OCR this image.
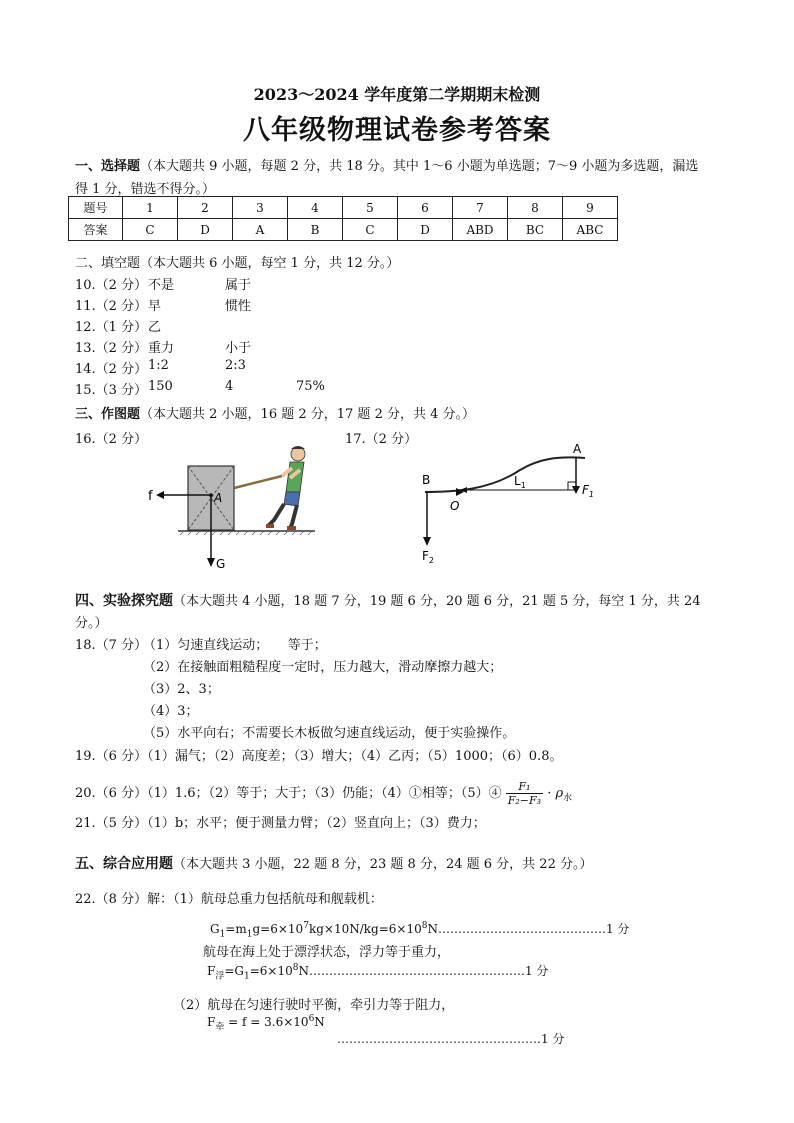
2023～2024 学年度第二学期期末检测
八年级物理试卷参考答案
一、选择题（本大题共 9 小题，每题 2 分，共 18 分。其中 1～6 小题为单选题；7～9 小题为多选题，漏选
得 1 分，错选不得分。）
题号	1	2	3	4	5	6	7	8	9
答案	C	D	A	B	C	D	ABD	BC	ABC
二、填空题（本大题共 6 小题，每空 1 分，共 12 分。）
10.（2 分） 不是	属于
11.（2 分） 早	惯性
12.（1 分） 乙
13.（2 分） 重力	小于
14.（2 分） 1:2	2:3
15.（3 分） 150	4	75%
三、作图题（本大题共 2 小题，16 题 2 分，17 题 2 分，共 4 分。）
16.（2 分）	17.（2 分）
f	A
G
B
O
A
$L_1$	$F_1$
$F_2$
四、实验探究题（本大题共 4 小题，18 题 7 分，19 题 6 分，20 题 6 分，21 题 5 分，每空 1 分，共 24
分。）
18.（7 分）
（1）匀速直线运动；　　等于；
（2）在接触面粗糙程度一定时，压力越大，滑动摩擦力越大；
（3）2、3；
（4）3；
（5）水平向右；不需要长木板做匀速直线运动，便于实验操作。
19.（6 分）（1）漏气；（2）高度差；（3）增大；（4）乙丙；（5）1000；（6）0.8。
20.（6 分）（1）1.6；（2）等于；大于；（3）仍能；（4）①相等；（5）④ $\frac{\text{F₁}}{\text{F₂−F₃}} \cdot \rho_水$
21.（5 分）（1）b；水平；便于测量力臂；（2）竖直向上；（3）费力；
五、综合应用题（本大题共 3 小题，22 题 8 分，23 题 8 分，24 题 6 分，共 22 分。）
22.（8 分）解：（1）航母总重力包括航母和舰载机：
$G_1=m_1g=6\times 10^7kg\times 10N/kg=6\times 10^8N\dots\dots\dots\dots\dots\dots\dots\dots\dots\dots\dots\dots\dots\dots 1$ 分
航母在海上处于漂浮状态，浮力等于重力，
$F_浮=G_1=6\times 10^8N\dots\dots\dots\dots\dots\dots\dots\dots\dots\dots\dots\dots\dots\dots\dots\dots\dots\dots 1$ 分
（2）航母在匀速行驶时平衡，牵引力等于阻力，
$F_牵 = f = 3.6\times 10^6N$
……………………………………………1 分
